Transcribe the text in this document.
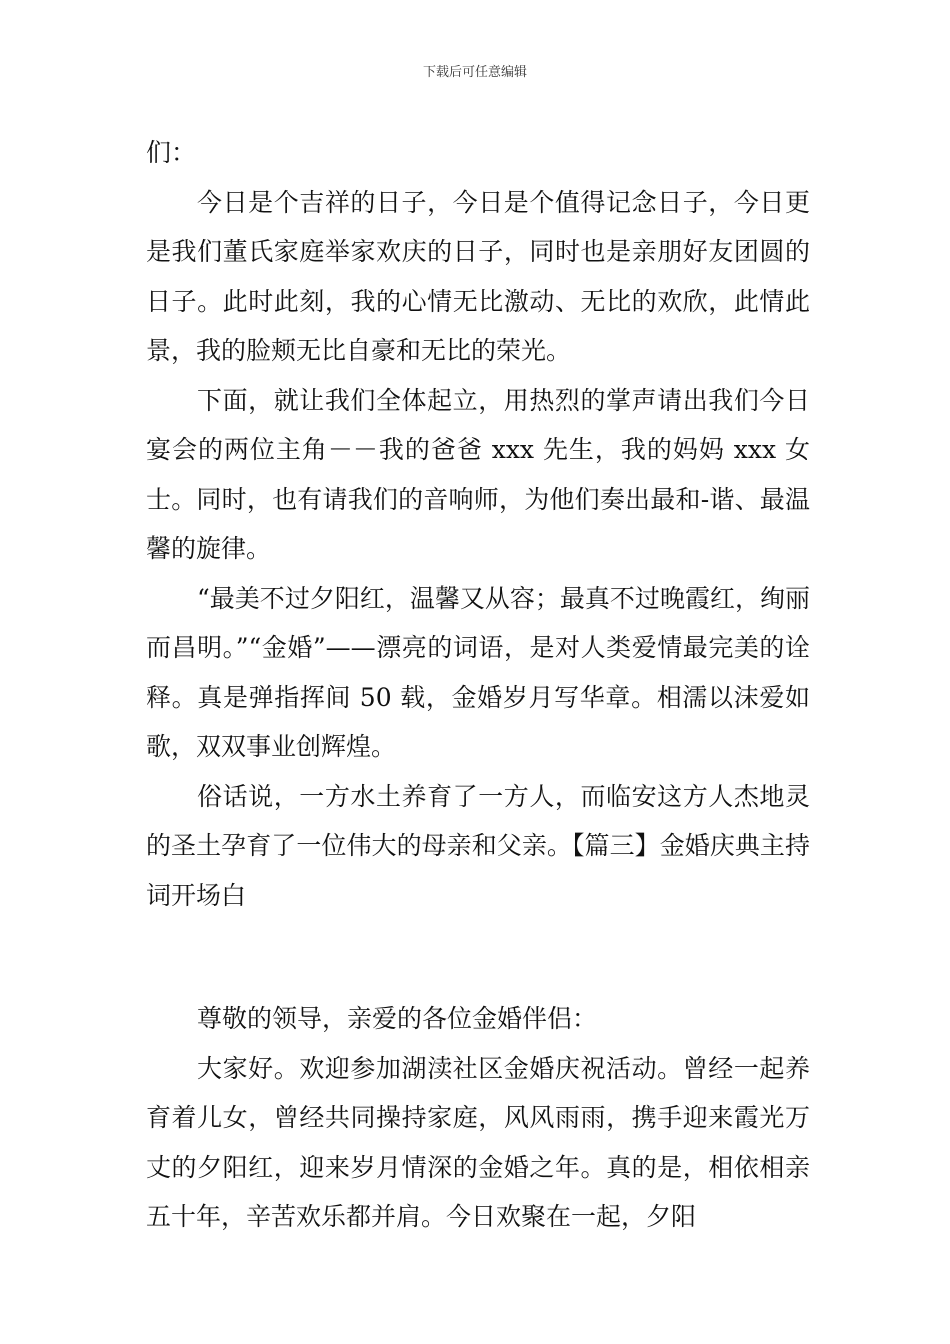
下载后可任意编辑

们：

今日是个吉祥的日子，今日是个值得记念日子，今日更是我们董氏家庭举家欢庆的日子，同时也是亲朋好友团圆的日子。此时此刻，我的心情无比激动、无比的欢欣，此情此景，我的脸颊无比自豪和无比的荣光。

下面，就让我们全体起立，用热烈的掌声请出我们今日宴会的两位主角－－我的爸爸 xxx 先生，我的妈妈 xxx 女士。同时，也有请我们的音响师，为他们奏出最和-谐、最温馨的旋律。

“最美不过夕阳红，温馨又从容；最真不过晚霞红，绚丽而昌明。”“金婚”——漂亮的词语，是对人类爱情最完美的诠释。真是弹指挥间 50 载，金婚岁月写华章。相濡以沫爱如歌，双双事业创辉煌。

俗话说，一方水土养育了一方人，而临安这方人杰地灵的圣土孕育了一位伟大的母亲和父亲。【篇三】金婚庆典主持词开场白

尊敬的领导，亲爱的各位金婚伴侣：

大家好。欢迎参加湖渎社区金婚庆祝活动。曾经一起养育着儿女，曾经共同操持家庭，风风雨雨，携手迎来霞光万丈的夕阳红，迎来岁月情深的金婚之年。真的是，相依相亲五十年，辛苦欢乐都并肩。今日欢聚在一起，夕阳
